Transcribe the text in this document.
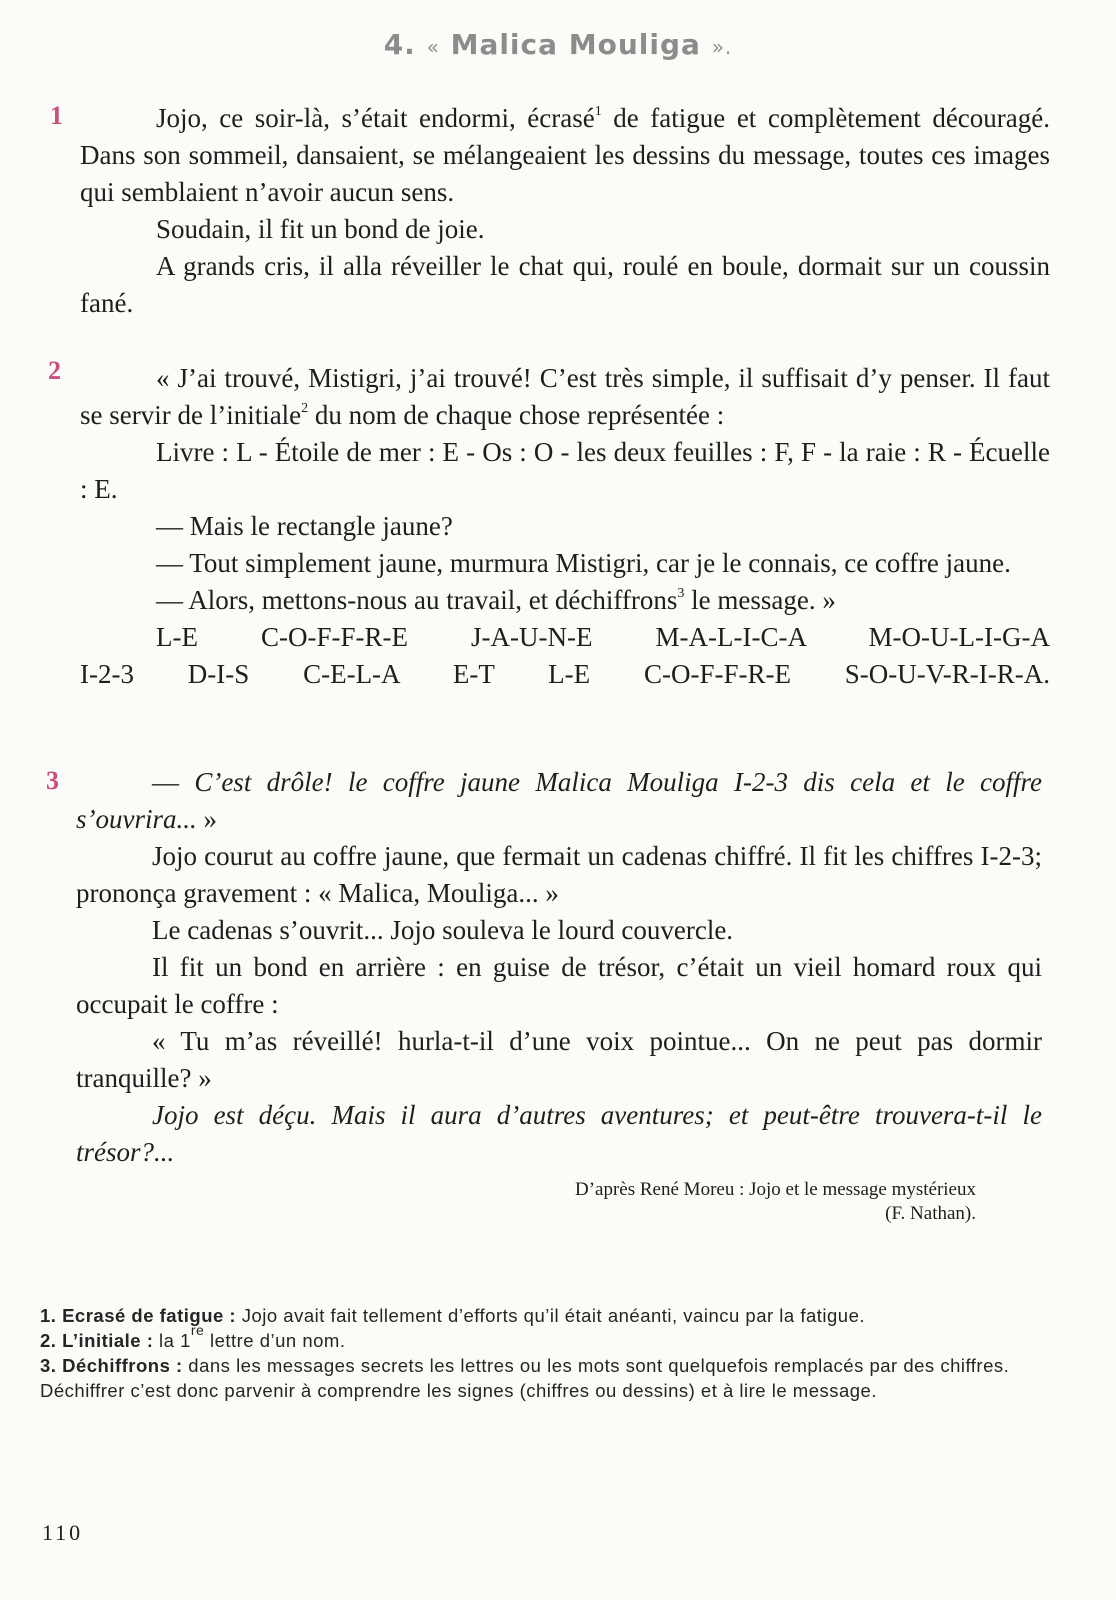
4. « Malica Mouliga ».
1
2
3

Jojo, ce soir-là, s’était endormi, écrasé$^1$ de fatigue et complètement découragé. Dans son sommeil, dansaient, se mélangeaient les dessins du message, toutes ces images qui semblaient n’avoir aucun sens.

Soudain, il fit un bond de joie.

A grands cris, il alla réveiller le chat qui, roulé en boule, dormait sur un coussin fané.

« J’ai trouvé, Mistigri, j’ai trouvé! C’est très simple, il suffisait d’y penser. Il faut se servir de l’initiale$^2$ du nom de chaque chose représentée :

Livre : L - Étoile de mer : E - Os : O - les deux feuilles : F, F - la raie : R - Écuelle : E.

— Mais le rectangle jaune?

— Tout simplement jaune, murmura Mistigri, car je le connais, ce coffre jaune.

— Alors, mettons-nous au travail, et déchiffrons$^3$ le message. »

L-E C-O-F-F-R-E J-A-U-N-E M-A-L-I-C-A M-O-U-L-I-G-A

I-2-3 D-I-S C-E-L-A E-T L-E C-O-F-F-R-E S-O-U-V-R-I-R-A.

— C’est drôle! le coffre jaune Malica Mouliga I-2-3 dis cela et le coffre s’ouvrira... »

Jojo courut au coffre jaune, que fermait un cadenas chiffré. Il fit les chiffres I-2-3; prononça gravement : « Malica, Mouliga... »

Le cadenas s’ouvrit... Jojo souleva le lourd couvercle.

Il fit un bond en arrière : en guise de trésor, c’était un vieil homard roux qui occupait le coffre :

« Tu m’as réveillé! hurla-t-il d’une voix pointue... On ne peut pas dormir tranquille? »

Jojo est déçu. Mais il aura d’autres aventures; et peut-être trouvera-t-il le trésor?...

D’après René Moreu : Jojo et le message mystérieux
(F. Nathan).

1. Ecrasé de fatigue : Jojo avait fait tellement d’efforts qu’il était anéanti, vaincu par la fatigue.

2. L’initiale : la 1re lettre d’un nom.

3. Déchiffrons : dans les messages secrets les lettres ou les mots sont quelquefois remplacés par des chiffres. Déchiffrer c’est donc parvenir à comprendre les signes (chiffres ou dessins) et à lire le message.

110
